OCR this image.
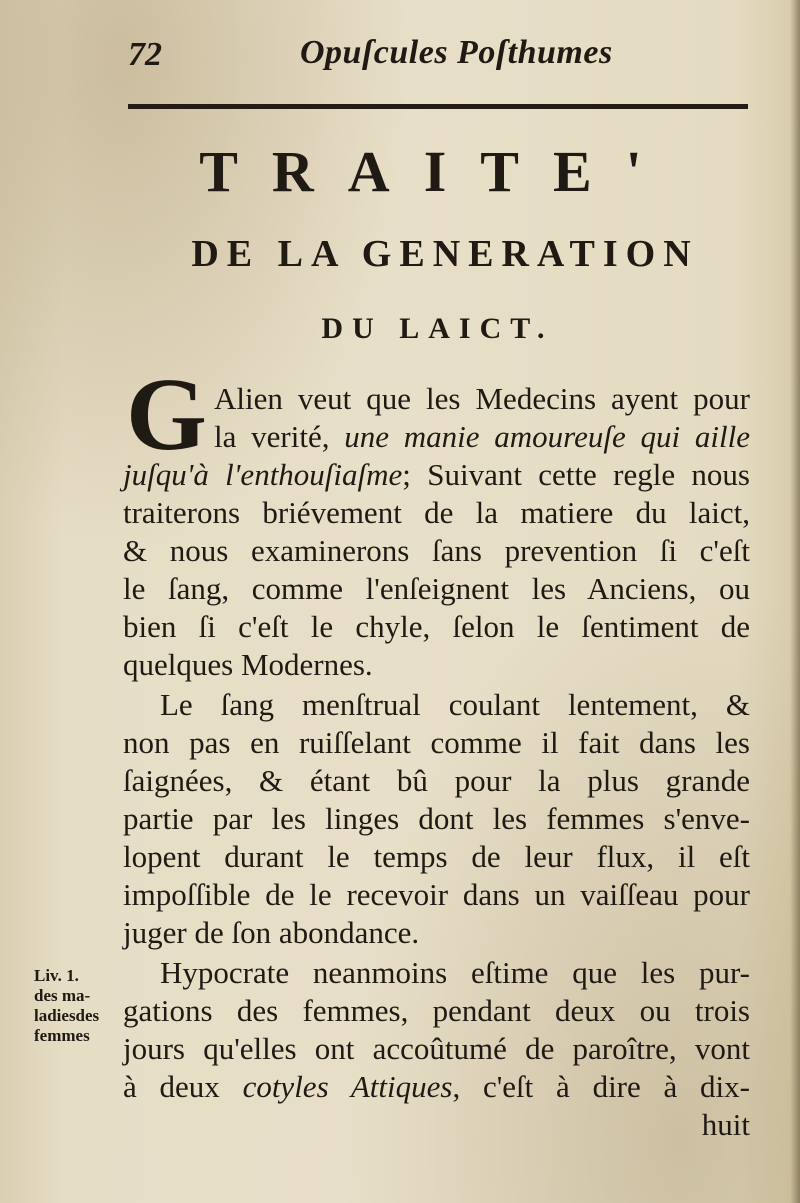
72	Opuſcules Poſthumes
TRAITE'
DE LA GENERATION
DU LAICT.
G Alien veut que les Medecins ayent pour
la verité, une manie amoureuſe qui aille
juſqu'à l'enthouſiaſme; Suivant cette regle nous
traiterons briévement de la matiere du laict,
& nous examinerons ſans prevention ſi c'eſt
le ſang, comme l'enſeignent les Anciens, ou
bien ſi c'eſt le chyle, ſelon le ſentiment de
quelques Modernes.
Le ſang menſtrual coulant lentement, &
non pas en ruiſſelant comme il fait dans les
ſaignées, & étant bû pour la plus grande
partie par les linges dont les femmes s'enve-
lopent durant le temps de leur flux, il eſt
impoſſible de le recevoir dans un vaiſſeau pour
juger de ſon abondance.
Hypocrate neanmoins eſtime que les pur-
gations des femmes, pendant deux ou trois
jours qu'elles ont accoûtumé de paroître, vont
à deux cotyles Attiques, c'eſt à dire à dix-
huit
Liv. 1.
des ma-
ladiesdes
femmes
